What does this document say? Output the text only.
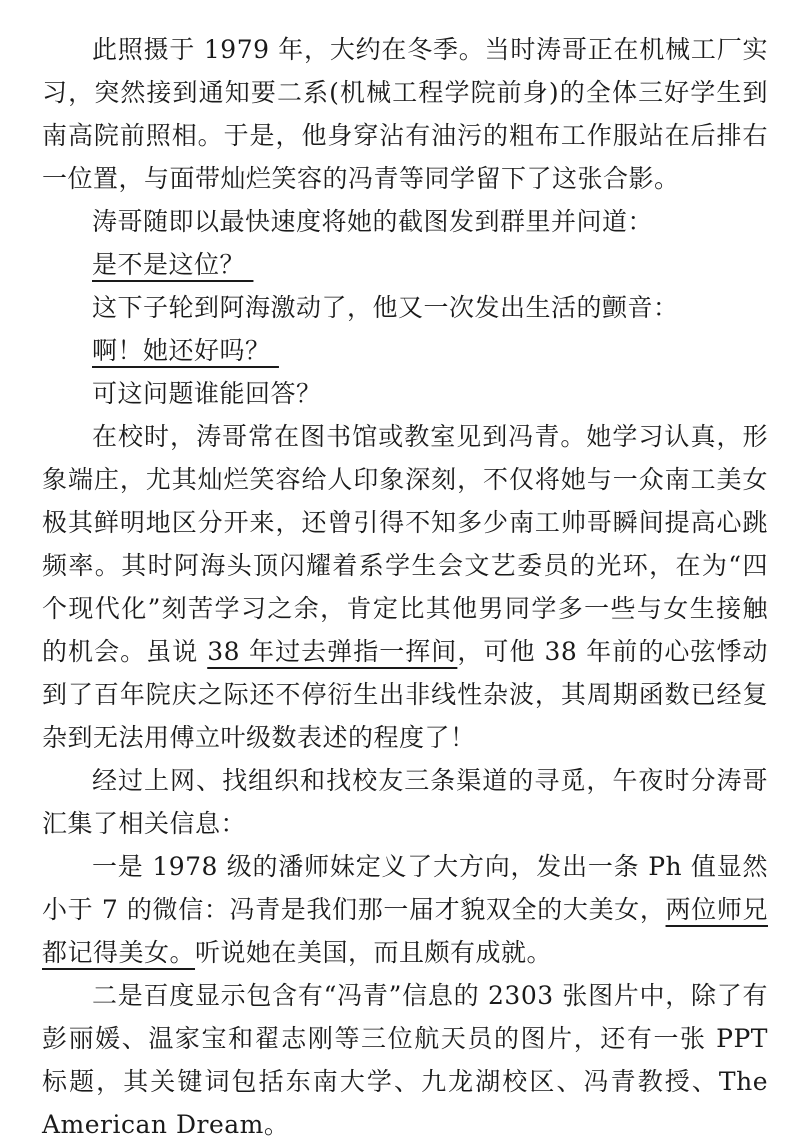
此照摄于 1979 年，大约在冬季。当时涛哥正在机械工厂实习，突然接到通知要二系(机械工程学院前身)的全体三好学生到南高院前照相。于是，他身穿沾有油污的粗布工作服站在后排右一位置，与面带灿烂笑容的冯青等同学留下了这张合影。

涛哥随即以最快速度将她的截图发到群里并问道：

是不是这位？

这下子轮到阿海激动了，他又一次发出生活的颤音：

啊！她还好吗？

可这问题谁能回答？

在校时，涛哥常在图书馆或教室见到冯青。她学习认真，形象端庄，尤其灿烂笑容给人印象深刻，不仅将她与一众南工美女极其鲜明地区分开来，还曾引得不知多少南工帅哥瞬间提高心跳频率。其时阿海头顶闪耀着系学生会文艺委员的光环，在为“四个现代化”刻苦学习之余，肯定比其他男同学多一些与女生接触的机会。虽说 38 年过去弹指一挥间，可他 38 年前的心弦悸动到了百年院庆之际还不停衍生出非线性杂波，其周期函数已经复杂到无法用傅立叶级数表述的程度了！

经过上网、找组织和找校友三条渠道的寻觅，午夜时分涛哥汇集了相关信息：

一是 1978 级的潘师妹定义了大方向，发出一条 Ph 值显然小于 7 的微信：冯青是我们那一届才貌双全的大美女，两位师兄都记得美女。听说她在美国，而且颇有成就。

二是百度显示包含有“冯青”信息的 2303 张图片中，除了有彭丽媛、温家宝和翟志刚等三位航天员的图片，还有一张 PPT 标题，其关键词包括东南大学、九龙湖校区、冯青教授、The American Dream。
